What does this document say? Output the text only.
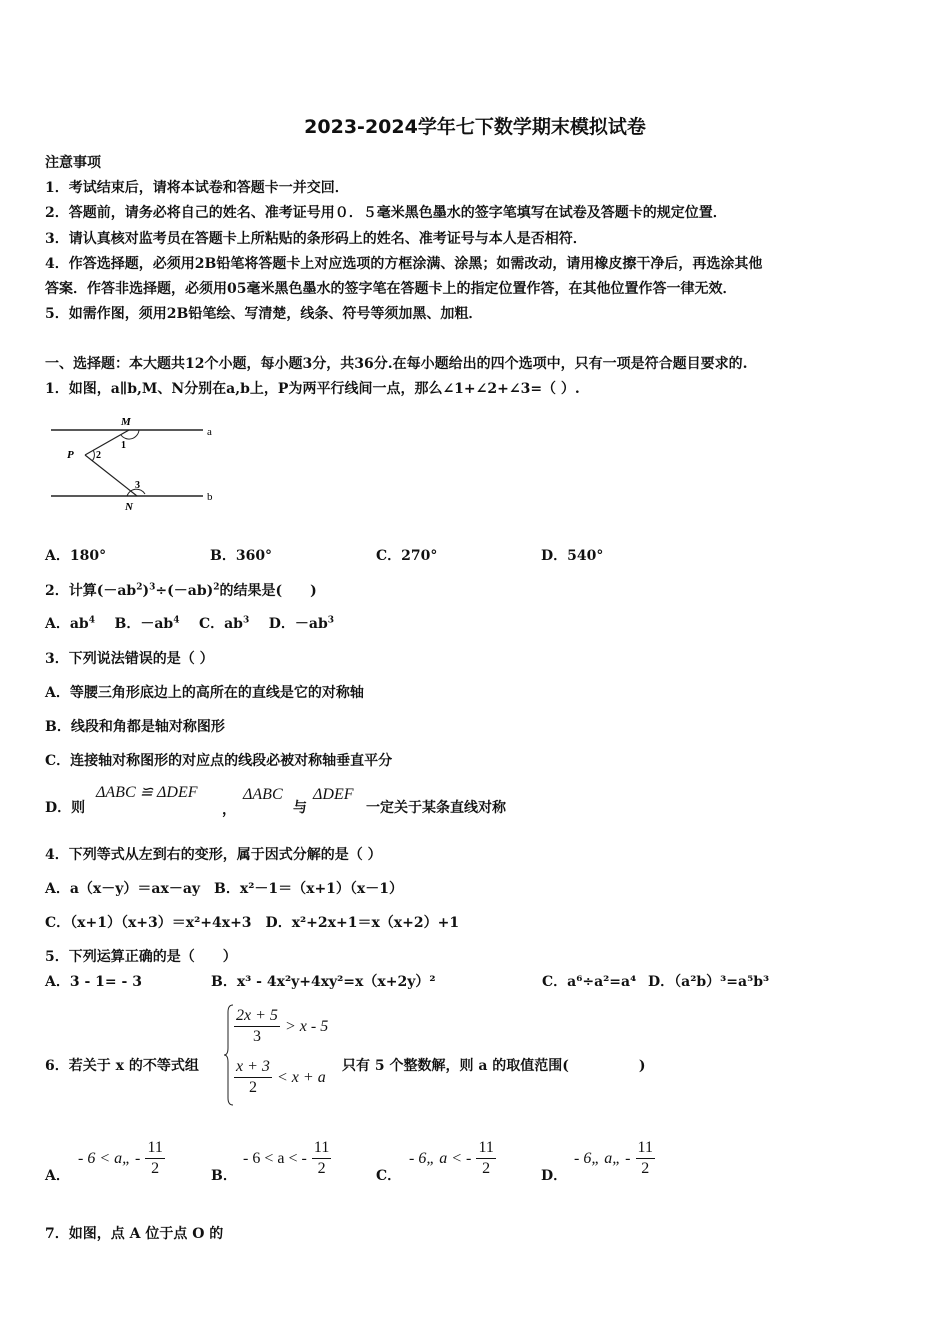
2023-2024学年七下数学期末模拟试卷
注意事项
1．考试结束后，请将本试卷和答题卡一并交回．
2．答题前，请务必将自己的姓名、准考证号用０．５毫米黑色墨水的签字笔填写在试卷及答题卡的规定位置．
3．请认真核对监考员在答题卡上所粘贴的条形码上的姓名、准考证号与本人是否相符．
4．作答选择题，必须用2B铅笔将答题卡上对应选项的方框涂满、涂黑；如需改动，请用橡皮擦干净后，再选涂其他
答案．作答非选择题，必须用05毫米黑色墨水的签字笔在答题卡上的指定位置作答，在其他位置作答一律无效．
5．如需作图，须用2B铅笔绘、写清楚，线条、符号等须加黑、加粗．
一、选择题：本大题共12个小题，每小题3分，共36分.在每小题给出的四个选项中，只有一项是符合题目要求的.
1．如图，a∥b,M、N分别在a,b上，P为两平行线间一点，那么∠1+∠2+∠3=（ ）.
M
P
N
a
b
1
2
3
A．180°	B．360°	C．270°	D．540°
2．计算$(-ab^2)^3\div(-ab)^2$的结果是(　　)
A．$ab^4$ B．$-ab^4$ C．$ab^3$ D．$-ab^3$
3．下列说法错误的是（ ）
A．等腰三角形底边上的高所在的直线是它的对称轴
B．线段和角都是轴对称图形
C．连接轴对称图形的对应点的线段必被对称轴垂直平分
D．则
ΔABC ≌ ΔDEF
，
ΔABC
与
ΔDEF
一定关于某条直线对称
4．下列等式从左到右的变形，属于因式分解的是（ ）
A．a（x－y）＝ax－ay　B．x²－1＝（x+1）（x－1）
C．（x+1）（x+3）＝x²+4x+3　D．x²+2x+1＝x（x+2）+1
5．下列运算正确的是（　　）
A．3 - 1= - 3	B．x³ - 4x²y+4xy²=x（x+2y）²	C．a⁶÷a²=a⁴ D．（a²b）³=a⁵b³
6．若关于 x 的不等式组
$\frac{2x + 5}{3} > x - 5$
$\frac{x + 3}{2} < x + a$
只有 5 个整数解，则 a 的取值范围(　　　　　)
A．
- 6 < a„ - $\frac{11}{2}$	B．
- 6 < a < - $\frac{11}{2}$	C．
- 6„ a < - $\frac{11}{2}$	D．
- 6„ a„ - $\frac{11}{2}$
7．如图，点 A 位于点 O 的
